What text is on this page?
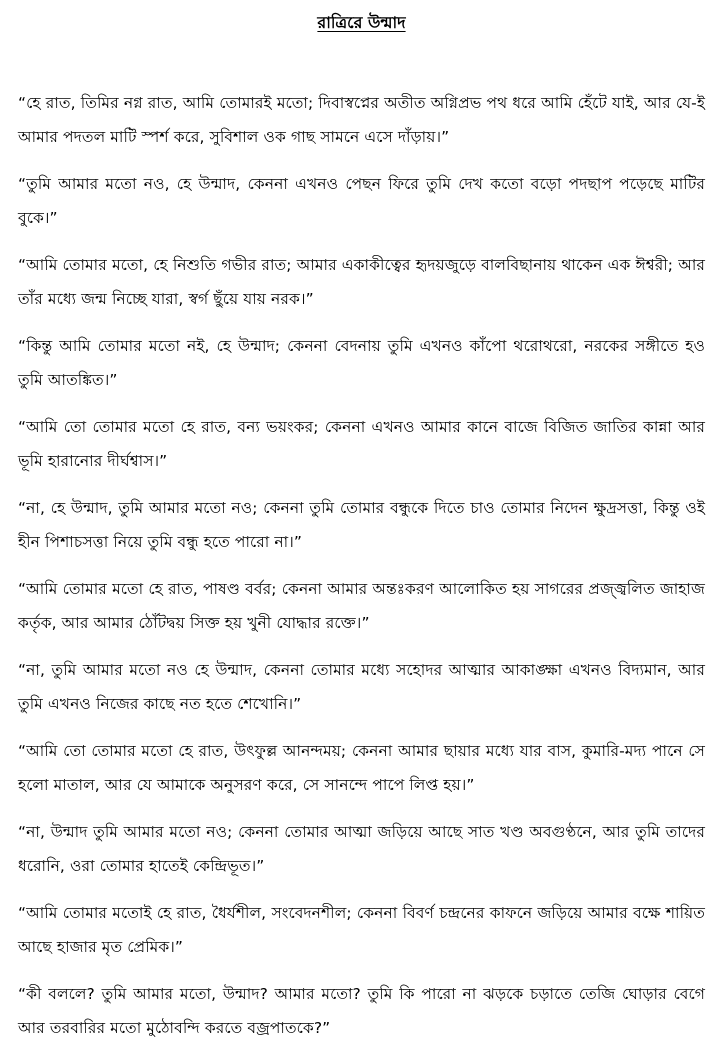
রাত্রিরে উন্মাদ

“হে রাত, তিমির নগ্ন রাত, আমি তোমারই মতো; দিবাস্বপ্নের অতীত অগ্নিপ্রভ পথ ধরে আমি হেঁটে যাই, আর যে-ই আমার পদতল মাটি স্পর্শ করে, সুবিশাল ওক গাছ সামনে এসে দাঁড়ায়।”

“তুমি আমার মতো নও, হে উন্মাদ, কেননা এখনও পেছন ফিরে তুমি দেখ কতো বড়ো পদছাপ পড়েছে মাটির বুকে।”

“আমি তোমার মতো, হে নিশুতি গভীর রাত; আমার একাকীত্বের হৃদয়জুড়ে বালবিছানায় থাকেন এক ঈশ্বরী; আর তাঁর মধ্যে জন্ম নিচ্ছে যারা, স্বর্গ ছুঁয়ে যায় নরক।”

“কিন্তু আমি তোমার মতো নই, হে উন্মাদ; কেননা বেদনায় তুমি এখনও কাঁপো থরোথরো, নরকের সঙ্গীতে হও তুমি আতঙ্কিত।”

“আমি তো তোমার মতো হে রাত, বন্য ভয়ংকর; কেননা এখনও আমার কানে বাজে বিজিত জাতির কান্না আর ভূমি হারানোর দীর্ঘশ্বাস।”

“না, হে উন্মাদ, তুমি আমার মতো নও; কেননা তুমি তোমার বন্ধুকে দিতে চাও তোমার নিদেন ক্ষুদ্রসত্তা, কিন্তু ওই হীন পিশাচসত্তা নিয়ে তুমি বন্ধু হতে পারো না।”

“আমি তোমার মতো হে রাত, পাষণ্ড বর্বর; কেননা আমার অন্তঃকরণ আলোকিত হয় সাগরের প্রজ্জ্বলিত জাহাজ কর্তৃক, আর আমার ঠোঁটদ্বয় সিক্ত হয় খুনী যোদ্ধার রক্তে।”

“না, তুমি আমার মতো নও হে উন্মাদ, কেননা তোমার মধ্যে সহোদর আত্মার আকাঙ্ক্ষা এখনও বিদ্যমান, আর তুমি এখনও নিজের কাছে নত হতে শেখোনি।”

“আমি তো তোমার মতো হে রাত, উৎফুল্ল আনন্দময়; কেননা আমার ছায়ার মধ্যে যার বাস, কুমারি-মদ্য পানে সে হলো মাতাল, আর যে আমাকে অনুসরণ করে, সে সানন্দে পাপে লিপ্ত হয়।”

“না, উন্মাদ তুমি আমার মতো নও; কেননা তোমার আত্মা জড়িয়ে আছে সাত খণ্ড অবগুণ্ঠনে, আর তুমি তাদের ধরোনি, ওরা তোমার হাতেই কেন্দ্রিভূত।”

“আমি তোমার মতোই হে রাত, ধৈর্যশীল, সংবেদনশীল; কেননা বিবর্ণ চন্দ্রনের কাফনে জড়িয়ে আমার বক্ষে শায়িত আছে হাজার মৃত প্রেমিক।”

“কী বললে? তুমি আমার মতো, উন্মাদ? আমার মতো? তুমি কি পারো না ঝড়কে চড়াতে তেজি ঘোড়ার বেগে আর তরবারির মতো মুঠোবন্দি করতে বজ্রপাতকে?”
